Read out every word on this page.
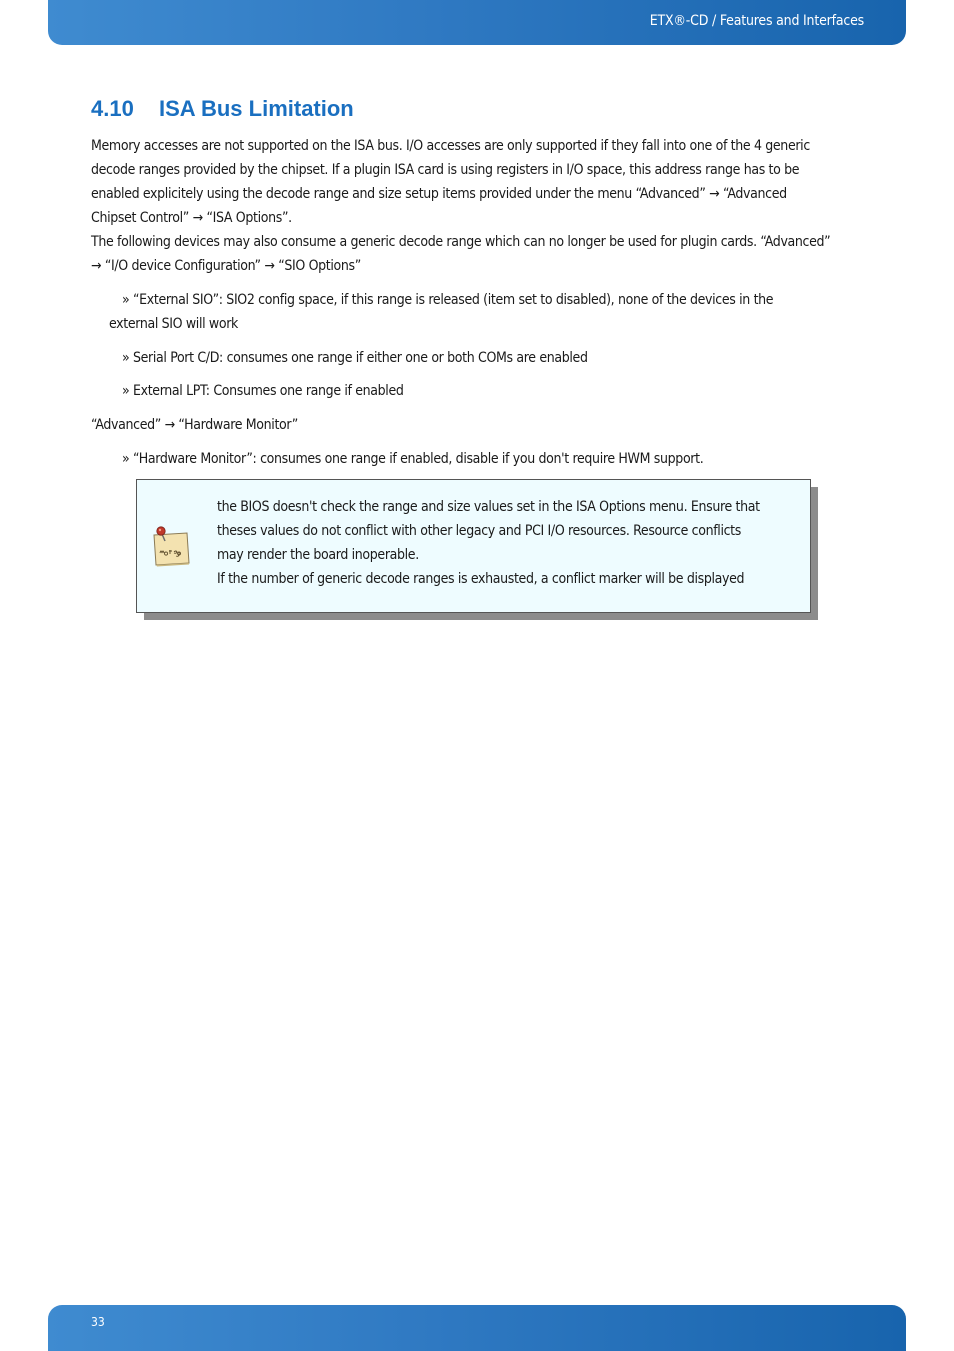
ETX®-CD / Features and Interfaces
4.10 ISA Bus Limitation
Memory accesses are not supported on the ISA bus. I/O accesses are only supported if they fall into one of the 4 generic
decode ranges provided by the chipset. If a plugin ISA card is using registers in I/O space, this address range has to be
enabled explicitely using the decode range and size setup items provided under the menu “Advanced” → “Advanced
Chipset Control” → “ISA Options”.
The following devices may also consume a generic decode range which can no longer be used for plugin cards. “Advanced”
→ “I/O device Configuration” → “SIO Options”
» “External SIO”: SIO2 config space, if this range is released (item set to disabled), none of the devices in the
external SIO will work
» Serial Port C/D: consumes one range if either one or both COMs are enabled
» External LPT: Consumes one range if enabled
“Advanced” → “Hardware Monitor”
» “Hardware Monitor”: consumes one range if enabled, disable if you don't require HWM support.
the BIOS doesn't check the range and size values set in the ISA Options menu. Ensure that
theses values do not conflict with other legacy and PCI I/O resources. Resource conflicts
may render the board inoperable.
If the number of generic decode ranges is exhausted, a conflict marker will be displayed
33
